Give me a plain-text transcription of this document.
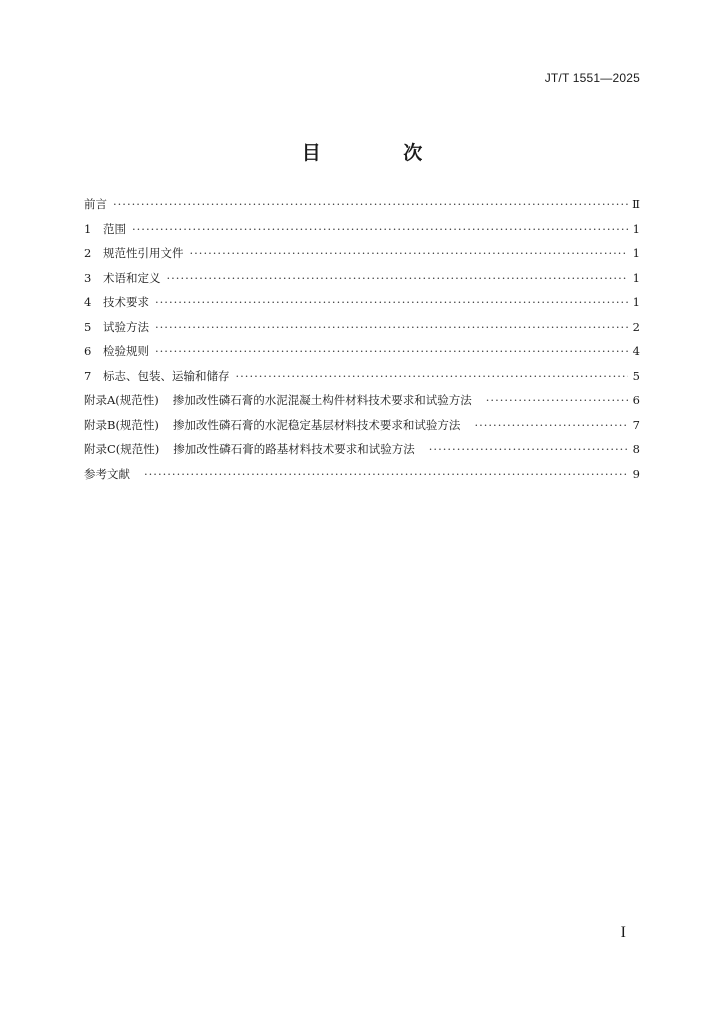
JT/T 1551—2025
目 次
前言 ·····	Ⅱ
1	范围 ·····	1
2	规范性引用文件 ·····	1
3	术语和定义 ·····	1
4	技术要求 ·····	1
5	试验方法 ·····	2
6	检验规则 ·····	4
7	标志、包装、运输和储存 ·····	5
附录A(规范性) 掺加改性磷石膏的水泥混凝土构件材料技术要求和试验方法 ·····	6
附录B(规范性) 掺加改性磷石膏的水泥稳定基层材料技术要求和试验方法 ·····	7
附录C(规范性) 掺加改性磷石膏的路基材料技术要求和试验方法 ·····	8
参考文献 ·····	9
I
